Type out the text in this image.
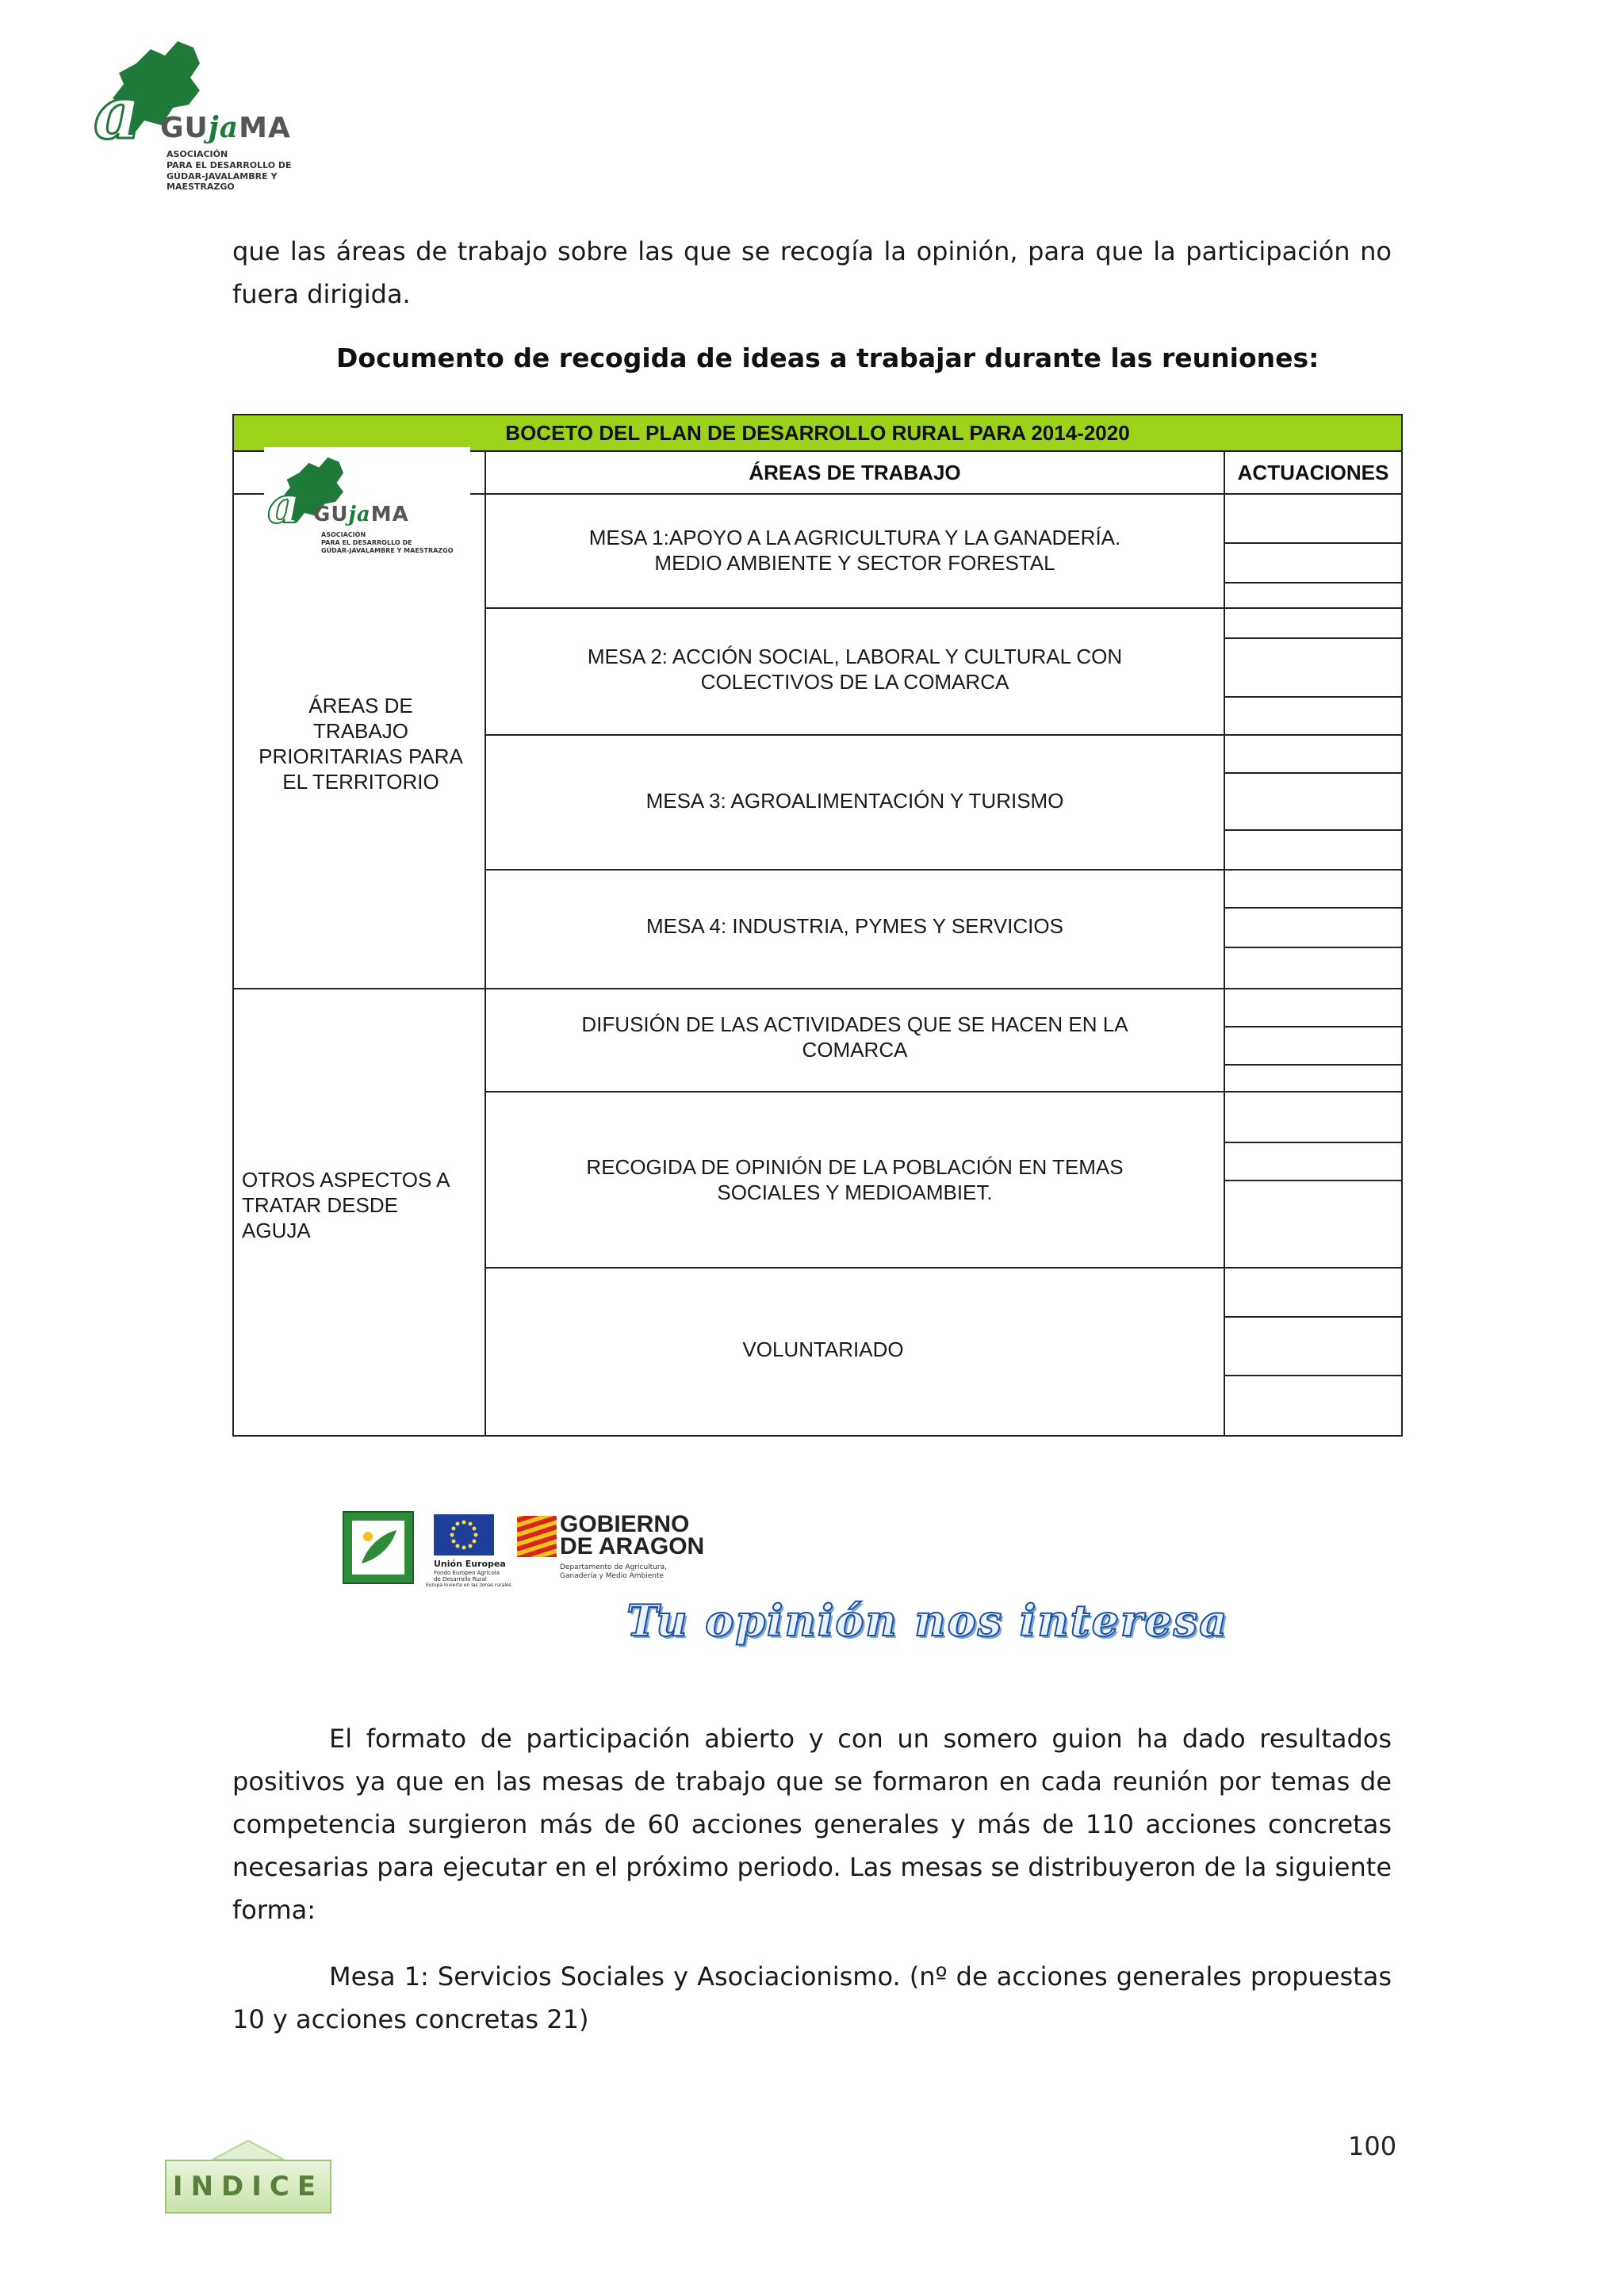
a GUjaMA
ASOCIACIÓN
PARA EL DESARROLLO DE
GÚDAR-JAVALAMBRE Y MAESTRAZGO

que las áreas de trabajo sobre las que se recogía la opinión, para que la participación no fuera dirigida.

Documento de recogida de ideas a trabajar durante las reuniones:
BOCETO DEL PLAN DE DESARROLLO RURAL PARA 2014-2020
ÁREAS DE TRABAJO	ACTUACIONES
ÁREAS DE
TRABAJO
PRIORITARIAS PARA
EL TERRITORIO
OTROS ASPECTOS A
TRATAR DESDE
AGUJA
a GUjaMA
ASOCIACIÓN
PARA EL DESARROLLO DE
GÚDAR-JAVALAMBRE Y MAESTRAZGO
MESA 1:APOYO A LA AGRICULTURA Y LA GANADERÍA.
MEDIO AMBIENTE Y SECTOR FORESTAL
MESA 2: ACCIÓN SOCIAL, LABORAL Y CULTURAL CON
COLECTIVOS DE LA COMARCA
MESA 3: AGROALIMENTACIÓN Y TURISMO
MESA 4: INDUSTRIA, PYMES Y SERVICIOS
DIFUSIÓN DE LAS ACTIVIDADES QUE SE HACEN EN LA
COMARCA
RECOGIDA DE OPINIÓN DE LA POBLACIÓN EN TEMAS
SOCIALES Y MEDIOAMBIET.
VOLUNTARIADO
Unión Europea
Fondo Europeo Agrícola
de Desarrollo Rural
Europa invierte en las zonas rurales
GOBIERNO
DE ARAGON
Departamento de Agricultura,
Ganadería y Medio Ambiente
Tu opinión nos interesa

El formato de participación abierto y con un somero guion ha dado resultados positivos ya que en las mesas de trabajo que se formaron en cada reunión por temas de competencia surgieron más de 60 acciones generales y más de 110 acciones concretas necesarias para ejecutar en el próximo periodo. Las mesas se distribuyeron de la siguiente forma:

Mesa 1: Servicios Sociales y Asociacionismo. (nº de acciones generales propuestas 10 y acciones concretas 21)

100
INDICE
